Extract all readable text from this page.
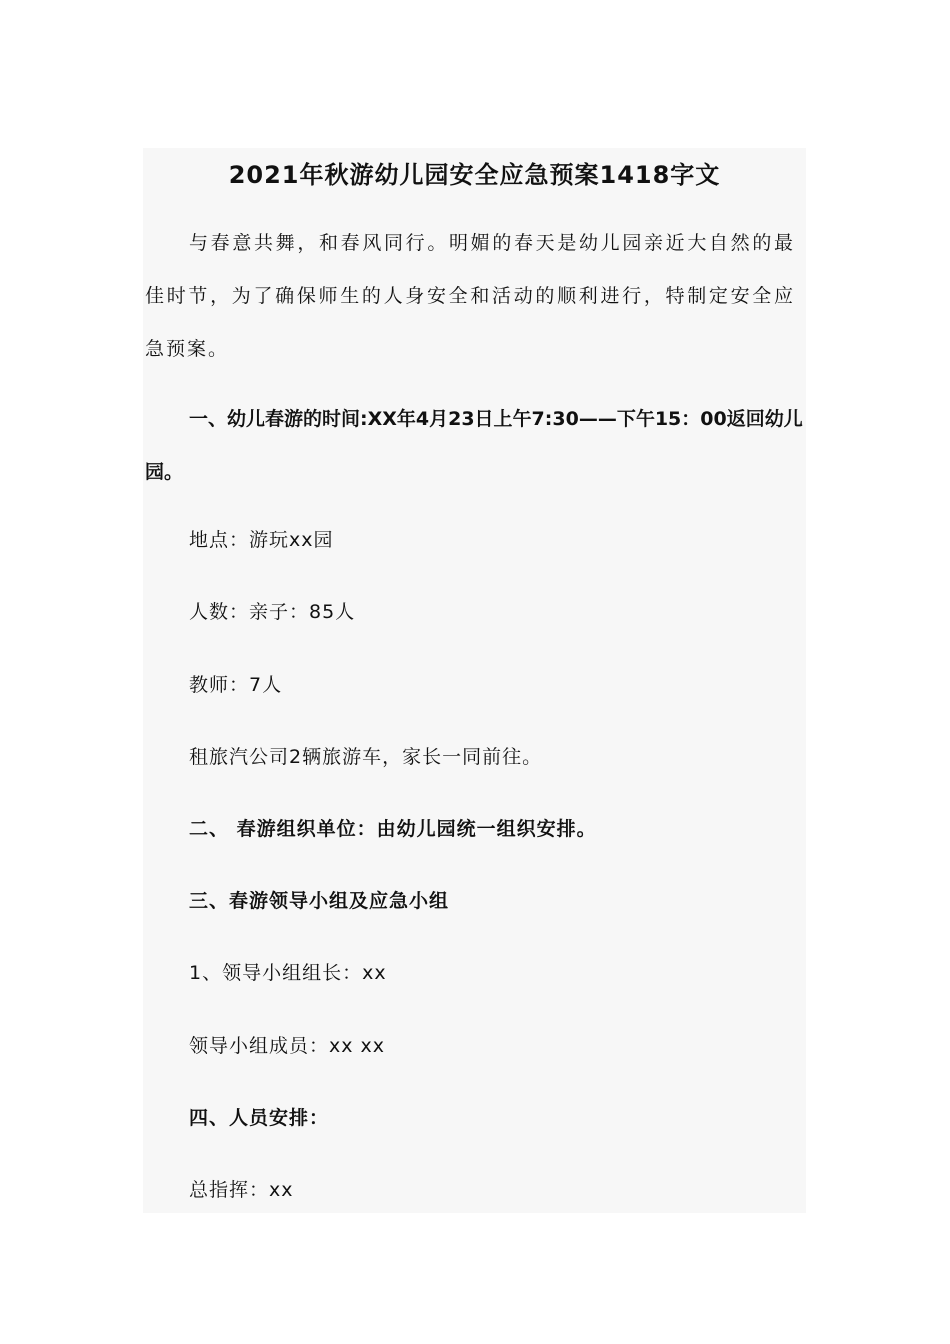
2021年秋游幼儿园安全应急预案1418字文

与春意共舞，和春风同行。明媚的春天是幼儿园亲近大自然的最佳时节，为了确保师生的人身安全和活动的顺利进行，特制定安全应急预案。

一、幼儿春游的时间:XX年4月23日上午7:30——下午15：00返回幼儿园。

地点：游玩xx园

人数：亲子：85人

教师：7人

租旅汽公司2辆旅游车，家长一同前往。

二、 春游组织单位：由幼儿园统一组织安排。

三、春游领导小组及应急小组

1、领导小组组长：xx

领导小组成员：xx xx

四、人员安排：

总指挥：xx
